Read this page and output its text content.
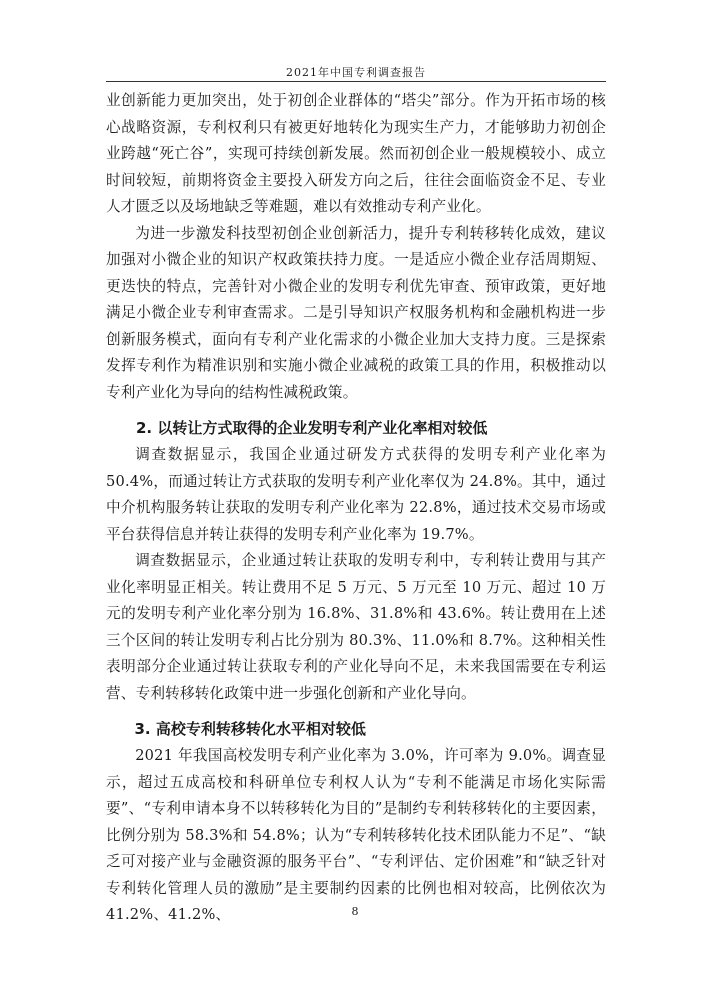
2021年中国专利调查报告

业创新能力更加突出，处于初创企业群体的“塔尖”部分。作为开拓市场的核心战略资源，专利权利只有被更好地转化为现实生产力，才能够助力初创企业跨越“死亡谷”，实现可持续创新发展。然而初创企业一般规模较小、成立时间较短，前期将资金主要投入研发方向之后，往往会面临资金不足、专业人才匮乏以及场地缺乏等难题，难以有效推动专利产业化。

为进一步激发科技型初创企业创新活力，提升专利转移转化成效，建议加强对小微企业的知识产权政策扶持力度。一是适应小微企业存活周期短、更迭快的特点，完善针对小微企业的发明专利优先审查、预审政策，更好地满足小微企业专利审查需求。二是引导知识产权服务机构和金融机构进一步创新服务模式，面向有专利产业化需求的小微企业加大支持力度。三是探索发挥专利作为精准识别和实施小微企业减税的政策工具的作用，积极推动以专利产业化为导向的结构性减税政策。

2. 以转让方式取得的企业发明专利产业化率相对较低

调查数据显示，我国企业通过研发方式获得的发明专利产业化率为 50.4%，而通过转让方式获取的发明专利产业化率仅为 24.8%。其中，通过中介机构服务转让获取的发明专利产业化率为 22.8%，通过技术交易市场或平台获得信息并转让获得的发明专利产业化率为 19.7%。

调查数据显示，企业通过转让获取的发明专利中，专利转让费用与其产业化率明显正相关。转让费用不足 5 万元、5 万元至 10 万元、超过 10 万元的发明专利产业化率分别为 16.8%、31.8%和 43.6%。转让费用在上述三个区间的转让发明专利占比分别为 80.3%、11.0%和 8.7%。这种相关性表明部分企业通过转让获取专利的产业化导向不足，未来我国需要在专利运营、专利转移转化政策中进一步强化创新和产业化导向。

3. 高校专利转移转化水平相对较低

2021 年我国高校发明专利产业化率为 3.0%，许可率为 9.0%。调查显示，超过五成高校和科研单位专利权人认为“专利不能满足市场化实际需要”、“专利申请本身不以转移转化为目的”是制约专利转移转化的主要因素，比例分别为 58.3%和 54.8%；认为“专利转移转化技术团队能力不足”、“缺乏可对接产业与金融资源的服务平台”、“专利评估、定价困难”和“缺乏针对专利转化管理人员的激励”是主要制约因素的比例也相对较高，比例依次为 41.2%、41.2%、	8
